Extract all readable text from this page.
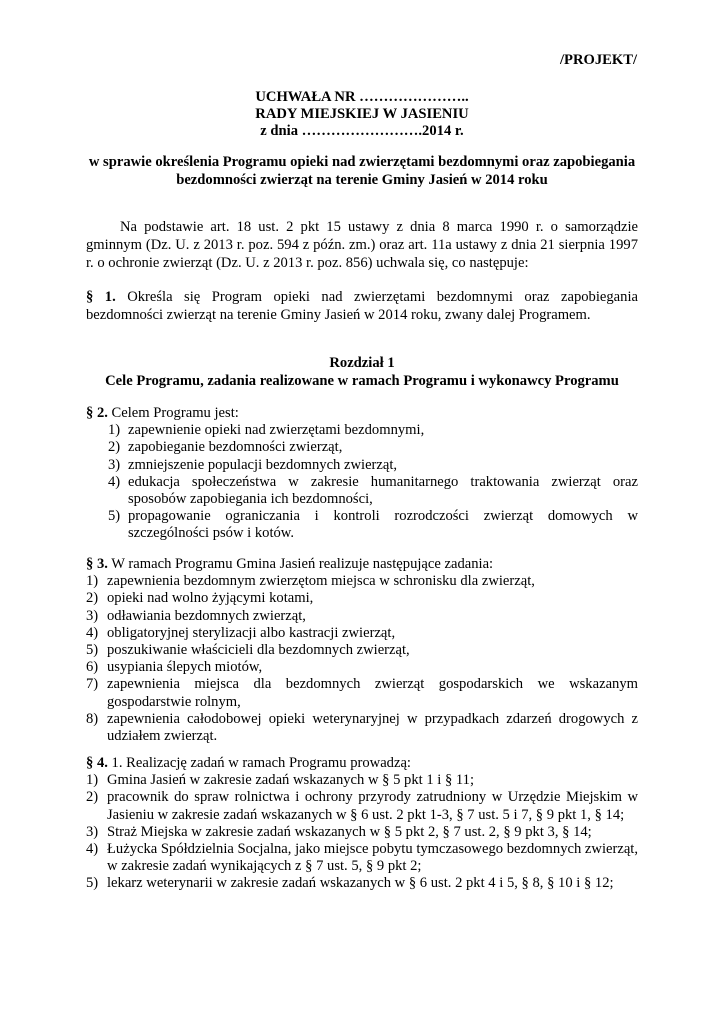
/PROJEKT/
UCHWAŁA NR …………………..
RADY MIEJSKIEJ W JASIENIU
z dnia …………………….2014 r.
w sprawie określenia Programu opieki nad zwierzętami bezdomnymi oraz zapobiegania bezdomności zwierząt na terenie Gminy Jasień w 2014 roku
Na podstawie art. 18 ust. 2 pkt 15 ustawy z dnia 8 marca 1990 r. o samorządzie gminnym (Dz. U. z 2013 r. poz. 594 z późn. zm.) oraz art. 11a ustawy z dnia 21 sierpnia 1997 r. o ochronie zwierząt (Dz. U. z 2013 r. poz. 856) uchwala się, co następuje:
§ 1. Określa się Program opieki nad zwierzętami bezdomnymi oraz zapobiegania bezdomności zwierząt na terenie Gminy Jasień w 2014 roku, zwany dalej Programem.
Rozdział 1
Cele Programu, zadania realizowane w ramach Programu i wykonawcy Programu
§ 2. Celem Programu jest:
1) zapewnienie opieki nad zwierzętami bezdomnymi,
2) zapobieganie bezdomności zwierząt,
3) zmniejszenie populacji bezdomnych zwierząt,
4) edukacja społeczeństwa w zakresie humanitarnego traktowania zwierząt oraz sposobów zapobiegania ich bezdomności,
5) propagowanie ograniczania i kontroli rozrodczości zwierząt domowych w szczególności psów i kotów.
§ 3. W ramach Programu Gmina Jasień realizuje następujące zadania:
1) zapewnienia bezdomnym zwierzętom miejsca w schronisku dla zwierząt,
2) opieki nad wolno żyjącymi kotami,
3) odławiania bezdomnych zwierząt,
4) obligatoryjnej sterylizacji albo kastracji zwierząt,
5) poszukiwanie właścicieli dla bezdomnych zwierząt,
6) usypiania ślepych miotów,
7) zapewnienia miejsca dla bezdomnych zwierząt gospodarskich we wskazanym gospodarstwie rolnym,
8) zapewnienia całodobowej opieki weterynaryjnej w przypadkach zdarzeń drogowych z udziałem zwierząt.
§ 4. 1. Realizację zadań w ramach Programu prowadzą:
1) Gmina Jasień w zakresie zadań wskazanych w § 5 pkt 1 i § 11;
2) pracownik do spraw rolnictwa i ochrony przyrody zatrudniony w Urzędzie Miejskim w Jasieniu w zakresie zadań wskazanych w § 6 ust. 2 pkt 1-3, § 7 ust. 5 i 7, § 9 pkt 1, § 14;
3) Straż Miejska w zakresie zadań wskazanych w § 5 pkt 2, § 7 ust. 2, § 9 pkt 3, § 14;
4) Łużycka Spółdzielnia Socjalna, jako miejsce pobytu tymczasowego bezdomnych zwierząt, w zakresie zadań wynikających z § 7 ust. 5, § 9 pkt 2;
5) lekarz weterynarii w zakresie zadań wskazanych w § 6 ust. 2 pkt 4 i 5, § 8, § 10 i § 12;
